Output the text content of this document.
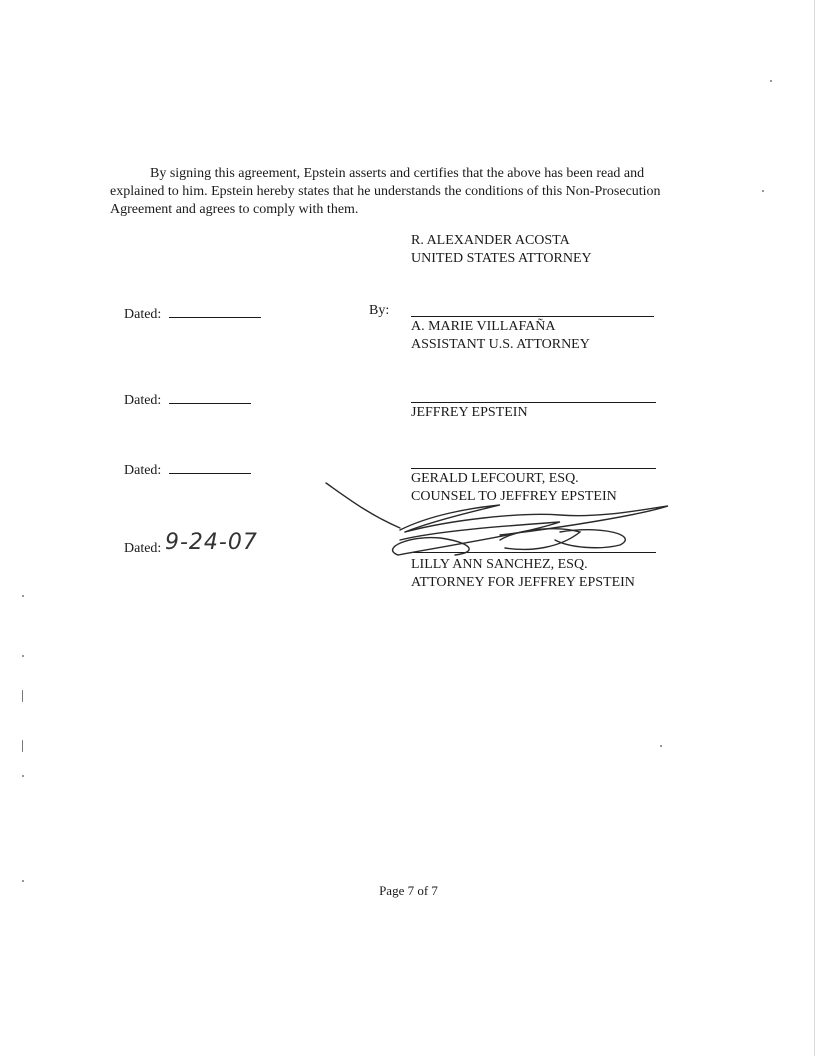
By signing this agreement, Epstein asserts and certifies that the above has been read and explained to him. Epstein hereby states that he understands the conditions of this Non-Prosecution Agreement and agrees to comply with them.

R. ALEXANDER ACOSTA
UNITED STATES ATTORNEY
Dated:	By:
A. MARIE VILLAFAÑA
ASSISTANT U.S. ATTORNEY
Dated:
JEFFREY EPSTEIN
Dated:
GERALD LEFCOURT, ESQ.
COUNSEL TO JEFFREY EPSTEIN
Dated: 9-24-07
LILLY ANN SANCHEZ, ESQ.
ATTORNEY FOR JEFFREY EPSTEIN
Page 7 of 7
